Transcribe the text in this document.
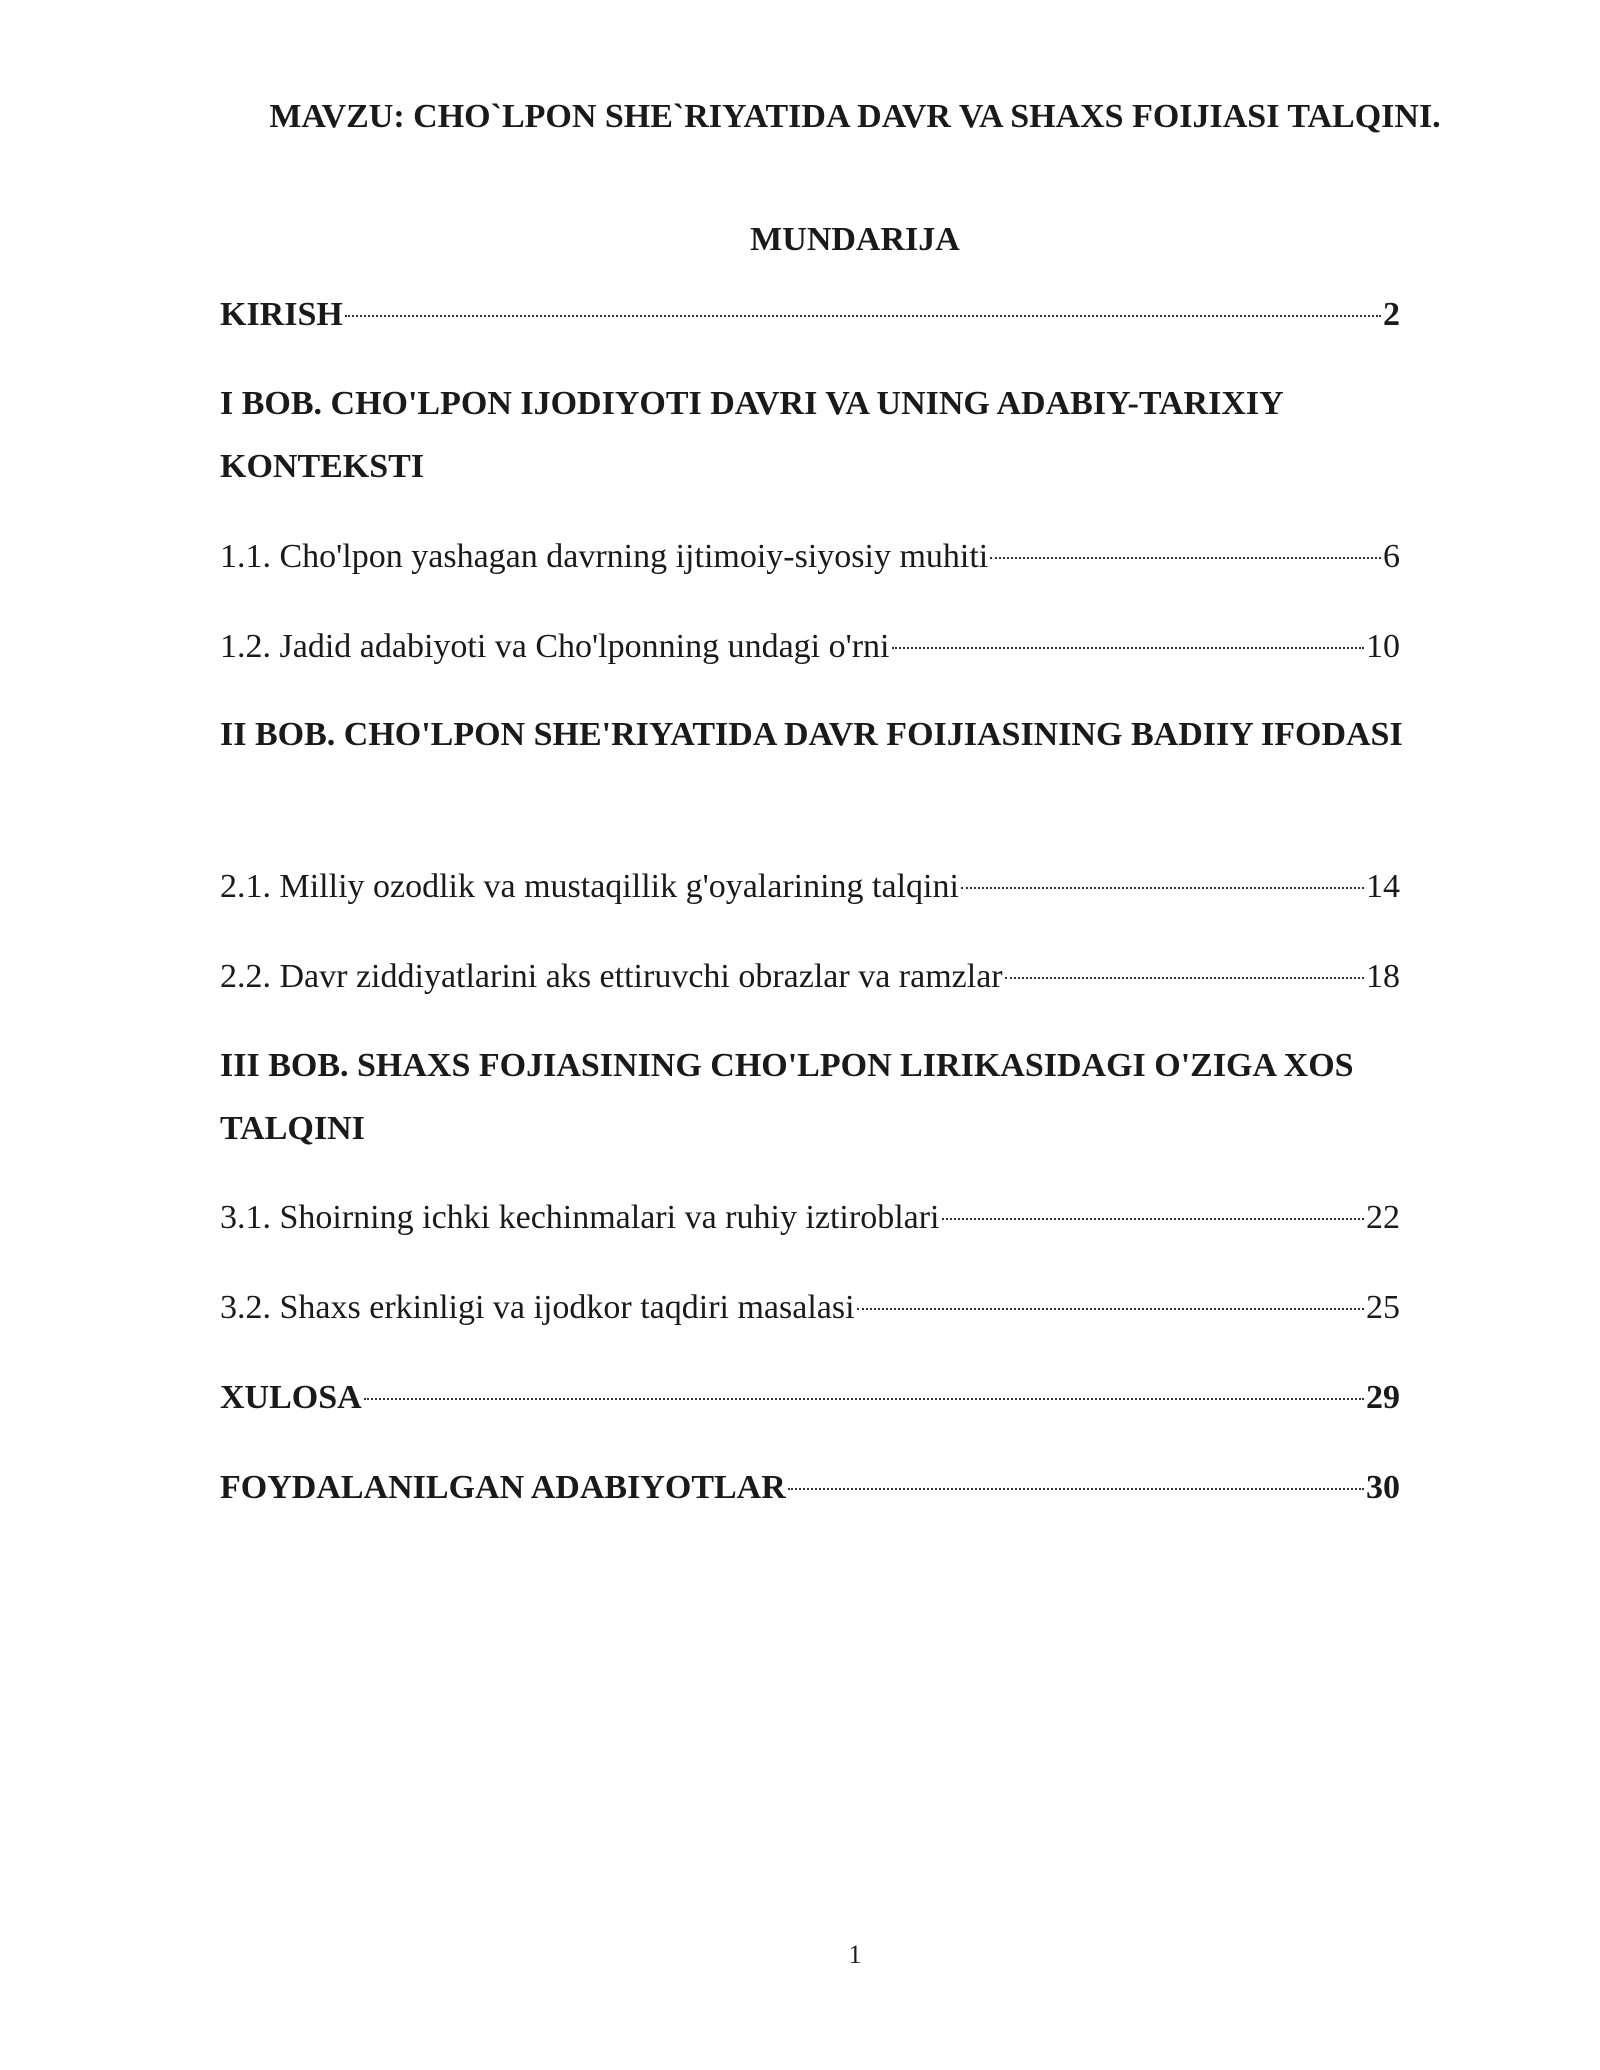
MAVZU: CHO`LPON SHE`RIYATIDA DAVR VA SHAXS FOIJIASI TALQINI.
MUNDARIJA
KIRISH	2

I BOB. CHO'LPON IJODIYOTI DAVRI VA UNING ADABIY-TARIXIY KONTEKSTI

1.1. Cho'lpon yashagan davrning ijtimoiy-siyosiy muhiti	6
1.2. Jadid adabiyoti va Cho'lponning undagi o'rni	10

II BOB. CHO'LPON SHE'RIYATIDA DAVR FOIJIASINING BADIIY IFODASI

2.1. Milliy ozodlik va mustaqillik g'oyalarining talqini	14
2.2. Davr ziddiyatlarini aks ettiruvchi obrazlar va ramzlar	18

III BOB. SHAXS FOJIASINING CHO'LPON LIRIKASIDAGI O'ZIGA XOS TALQINI

3.1. Shoirning ichki kechinmalari va ruhiy iztiroblari	22
3.2. Shaxs erkinligi va ijodkor taqdiri masalasi	25
XULOSA	29
FOYDALANILGAN ADABIYOTLAR	30
1
